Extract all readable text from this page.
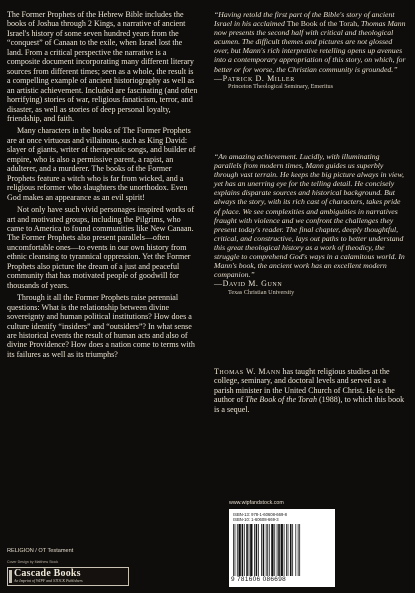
The Former Prophets of the Hebrew Bible includes the books of Joshua through 2 Kings, a narrative of ancient Israel's history of some seven hundred years from the “conquest” of Canaan to the exile, when Israel lost the land. From a critical perspective the narrative is a composite document incorporating many different literary sources from different times; seen as a whole, the result is a compelling example of ancient historiography as well as an artistic achievement. Included are fascinating (and often horrifying) stories of war, religious fanaticism, terror, and disaster, as well as stories of deep personal loyalty, friendship, and faith.

Many characters in the books of The Former Prophets are at once virtuous and villainous, such as King David: slayer of giants, writer of therapeutic songs, and builder of empire, who is also a permissive parent, a rapist, an adulterer, and a murderer. The books of the Former Prophets feature a witch who is far from wicked, and a religious reformer who slaughters the unorthodox. Even God makes an appearance as an evil spirit!

Not only have such vivid personages inspired works of art and motivated groups, including the Pilgrims, who came to America to found communities like New Canaan. The Former Prophets also present parallels—often uncomfortable ones—to events in our own history from ethnic cleansing to tyrannical oppression. Yet the Former Prophets also picture the dream of a just and peaceful community that has motivated people of goodwill for thousands of years.

Through it all the Former Prophets raise perennial questions: What is the relationship between divine sovereignty and human political institutions? How does a culture identify “insiders” and “outsiders”? In what sense are historical events the result of human acts and also of divine Providence? How does a nation come to terms with its failures as well as its triumphs?

“Having retold the first part of the Bible's story of ancient Israel in his acclaimed The Book of the Torah, Thomas Mann now presents the second half with critical and theological acumen. The difficult themes and pictures are not glossed over, but Mann's rich interpretive retelling opens up avenues into a contemporary appropriation of this story, on which, for better or for worse, the Christian community is grounded.”

—Patrick D. Miller
Princeton Theological Seminary, Emeritus

“An amazing achievement. Lucidly, with illuminating parallels from modern times, Mann guides us superbly through vast terrain. He keeps the big picture always in view, yet has an unerring eye for the telling detail. He concisely explains disparate sources and historical background. But always the story, with its rich cast of characters, takes pride of place. We see complexities and ambiguities in narratives fraught with violence and we confront the challenges they present today's reader. The final chapter, deeply thoughtful, critical, and constructive, lays out paths to better understand this great theological history as a work of theodicy, the struggle to comprehend God's ways in a calamitous world. In Mann's book, the ancient work has an excellent modern companion.”

—David M. Gunn
Texas Christian University

Thomas W. Mann has taught religious studies at the college, seminary, and doctoral levels and served as a parish minister in the United Church of Christ. He is the author of The Book of the Torah (1988), to which this book is a sequel.

RELIGION / OT Testament
Cover Design by Matthew Stock
Cascade Books
An Imprint of WIPF and STOCK Publishers
www.wipfandstock.com
ISBN-13: 978-1-60608-669-8
ISBN-10: 1-60608-669-3
9 781606 086698
